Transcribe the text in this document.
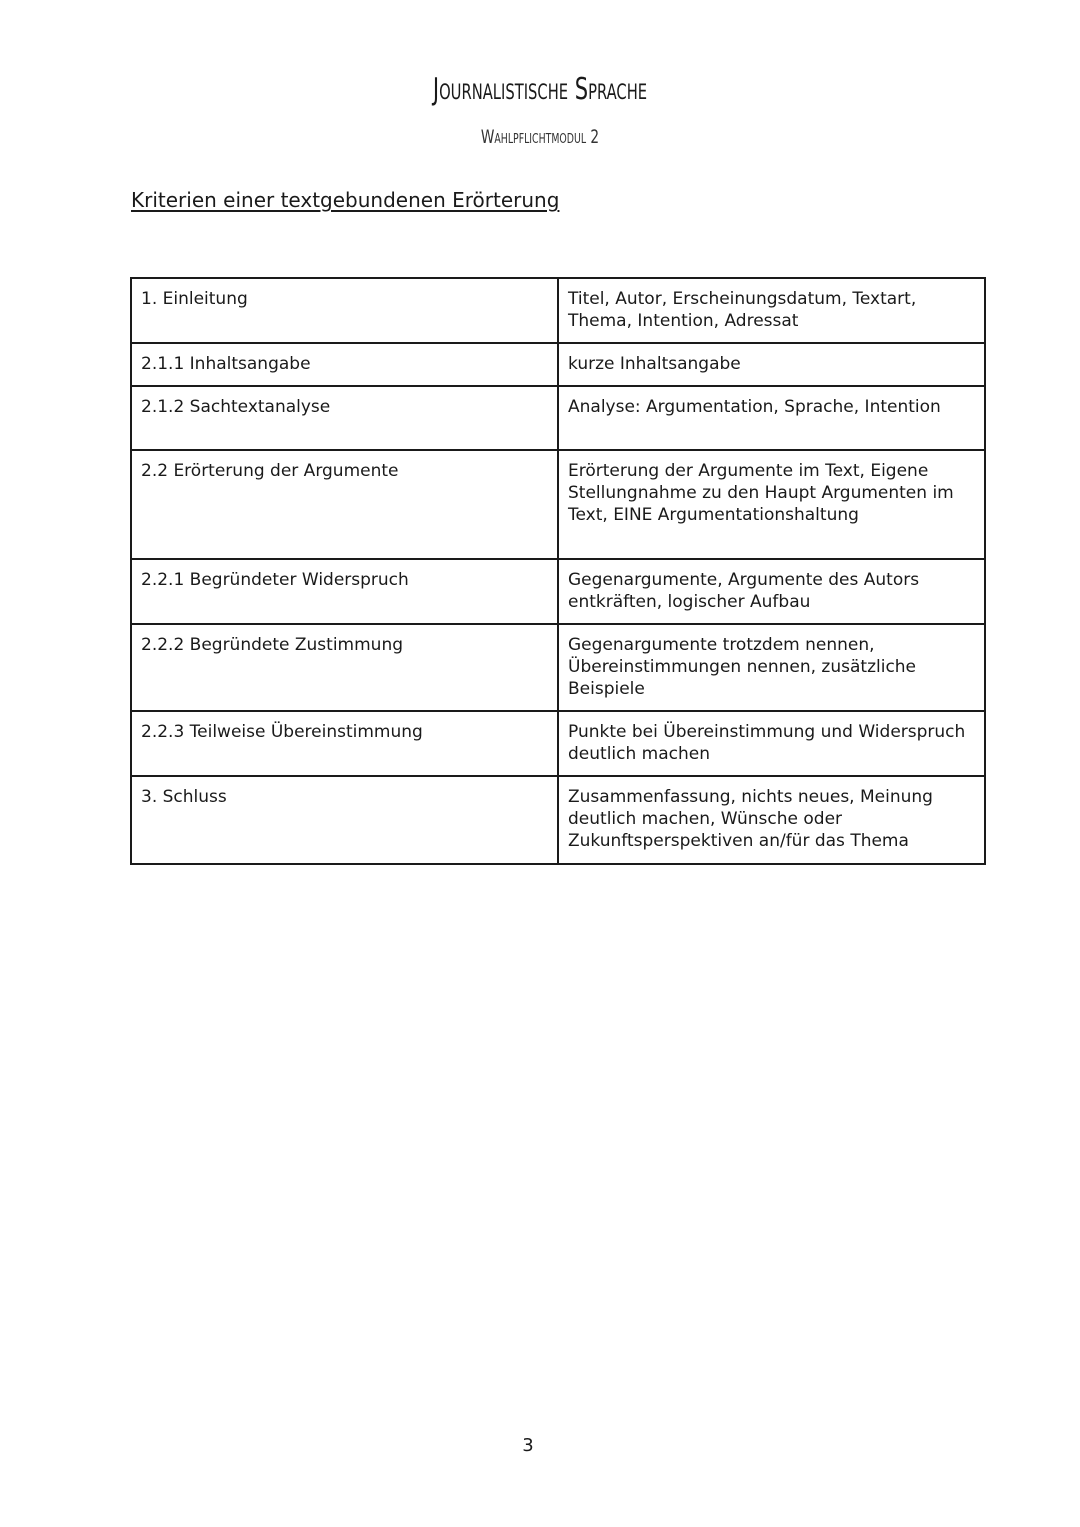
Journalistische Sprache
Wahlpflichtmodul 2
Kriterien einer textgebundenen Erörterung
1. Einleitung	Titel, Autor, Erscheinungsdatum, Textart, Thema, Intention, Adressat
2.1.1 Inhaltsangabe	kurze Inhaltsangabe
2.1.2 Sachtextanalyse	Analyse: Argumentation, Sprache, Intention
2.2 Erörterung der Argumente	Erörterung der Argumente im Text, Eigene Stellungnahme zu den Haupt Argumenten im Text, EINE Argumentationshaltung
2.2.1 Begründeter Widerspruch	Gegenargumente, Argumente des Autors entkräften, logischer Aufbau
2.2.2 Begründete Zustimmung	Gegenargumente trotzdem nennen, Übereinstimmungen nennen, zusätzliche Beispiele
2.2.3 Teilweise Übereinstimmung	Punkte bei Übereinstimmung und Widerspruch deutlich machen
3. Schluss	Zusammenfassung, nichts neues, Meinung deutlich machen, Wünsche oder Zukunftsperspektiven an/für das Thema
3
